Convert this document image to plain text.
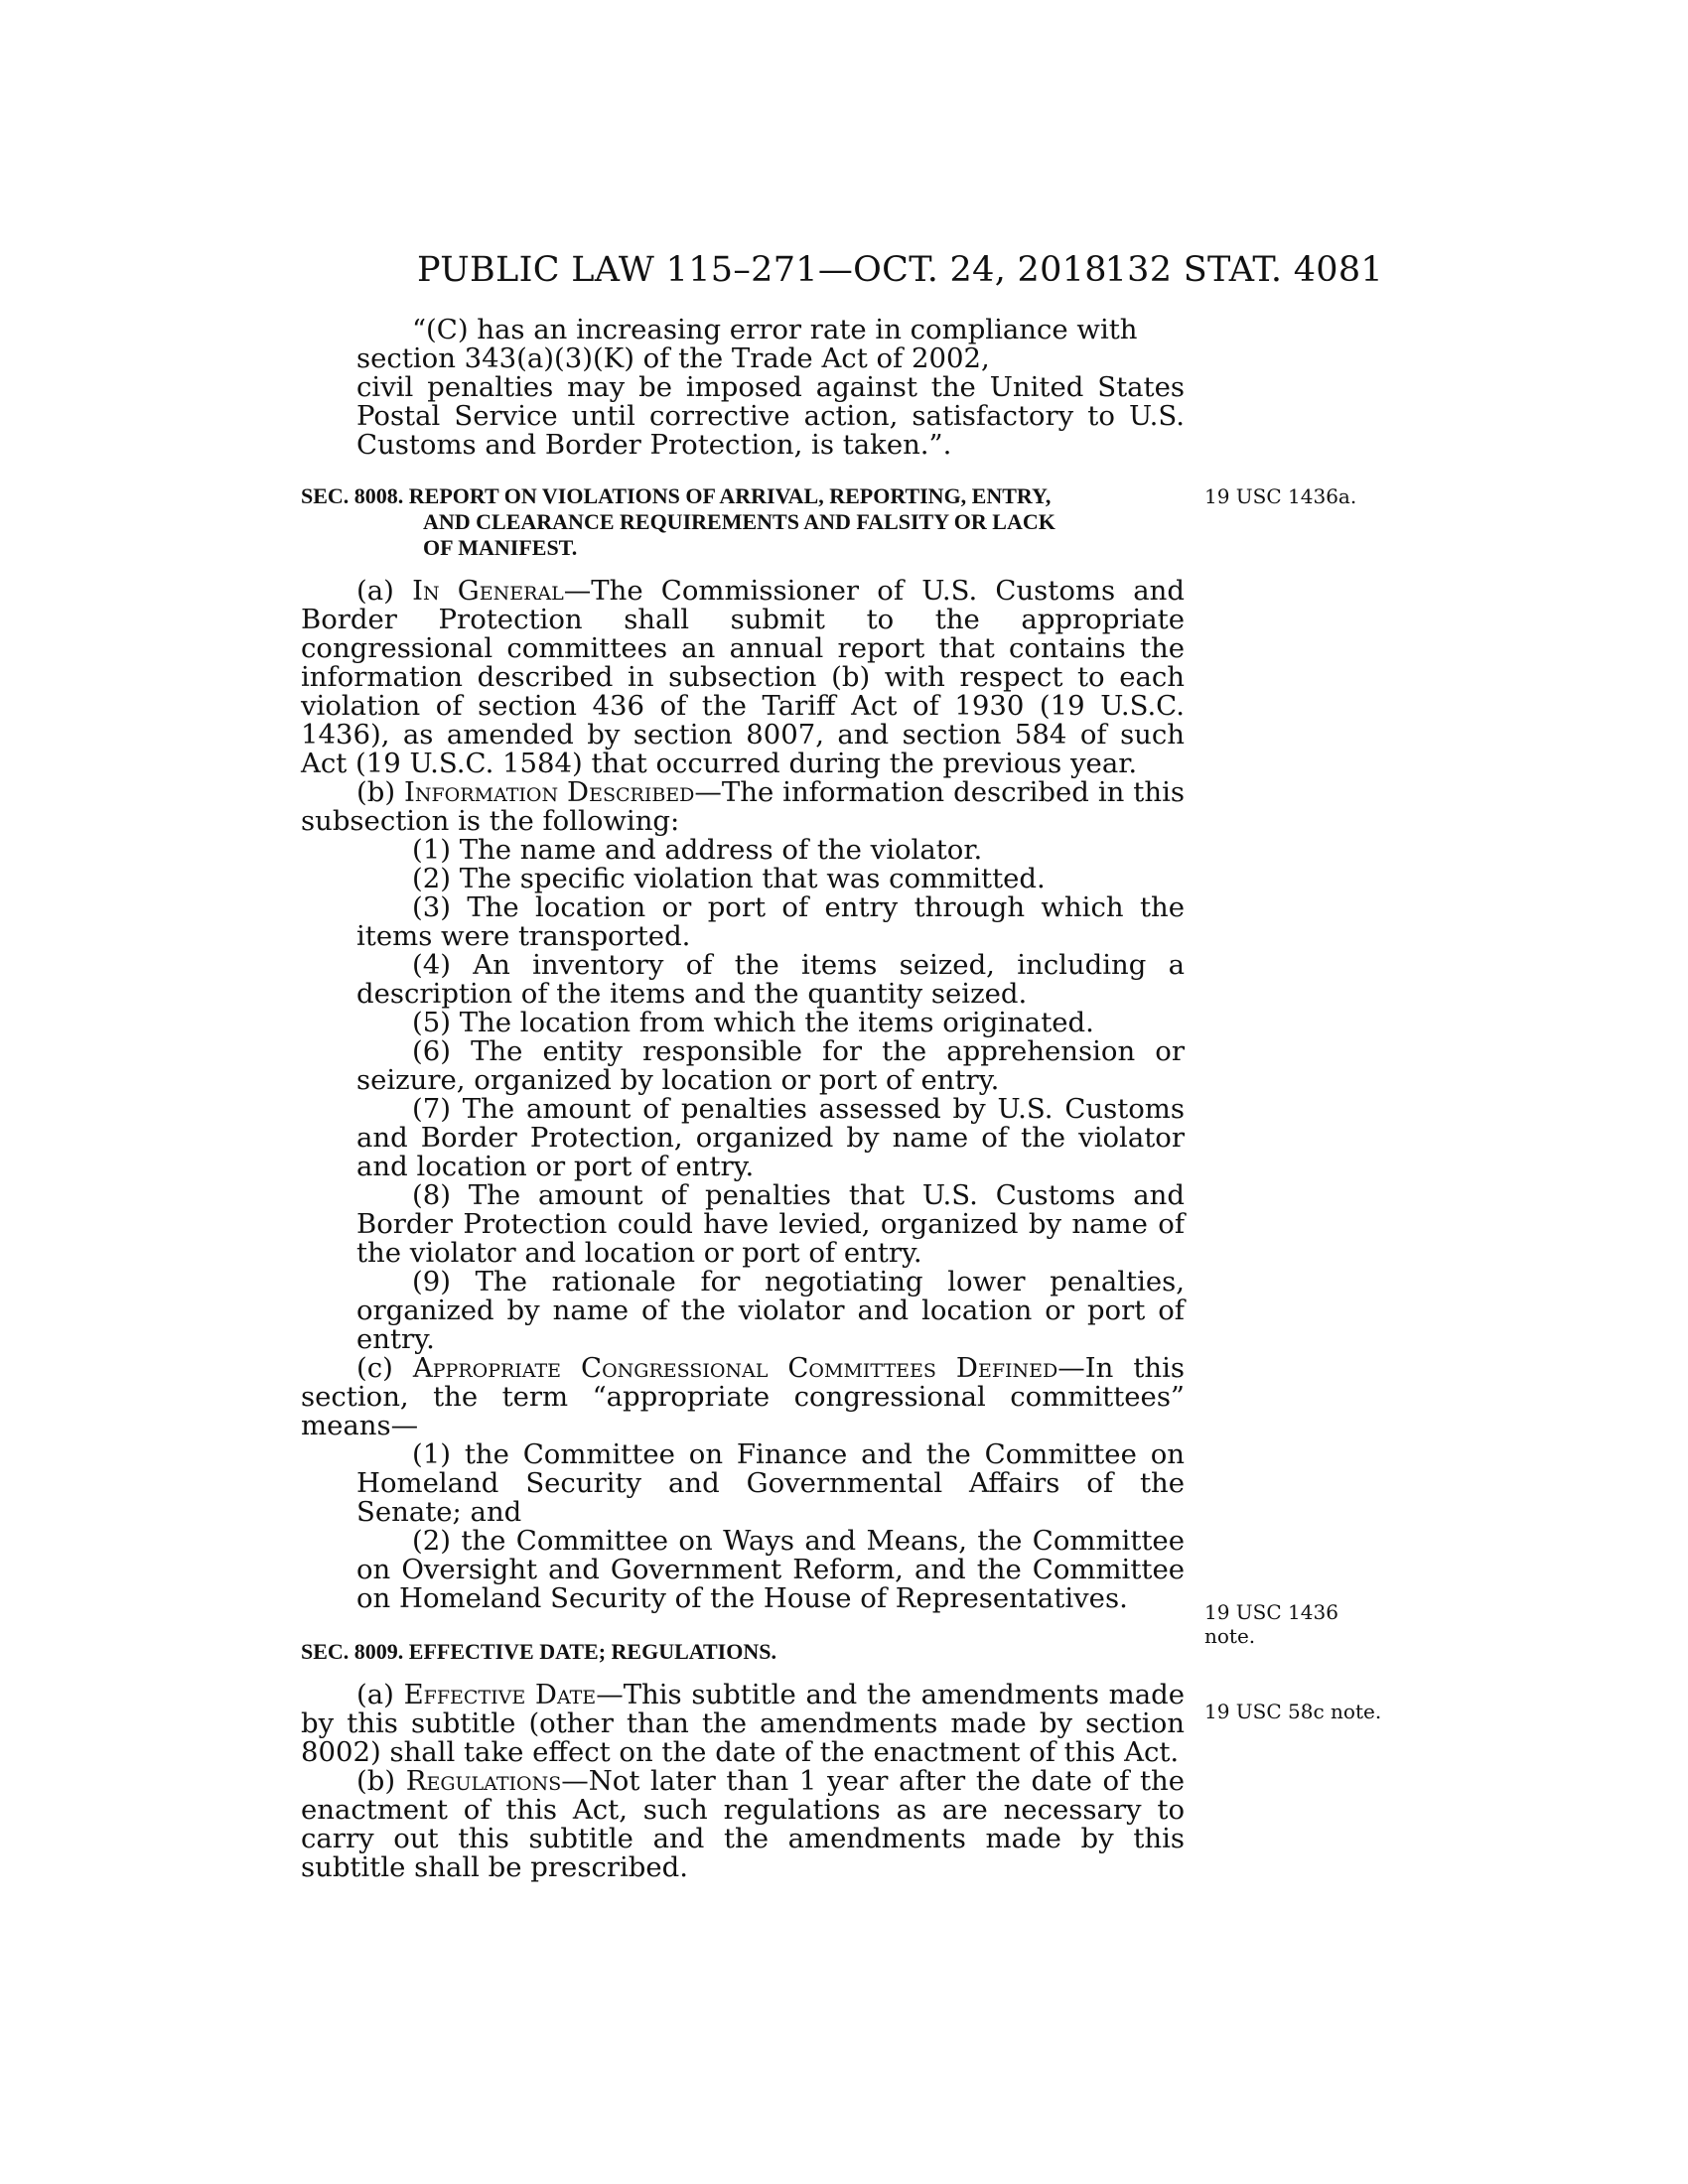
PUBLIC LAW 115–271—OCT. 24, 2018
132 STAT. 4081
19 USC 1436a.
19 USC 1436
note.
19 USC 58c note.

“(C) has an increasing error rate in compliance with

section 343(a)(3)(K) of the Trade Act of 2002,

civil penalties may be imposed against the United States Postal Service until corrective action, satisfactory to U.S. Customs and Border Protection, is taken.”.

SEC. 8008. REPORT ON VIOLATIONS OF ARRIVAL, REPORTING, ENTRY,
AND CLEARANCE REQUIREMENTS AND FALSITY OR LACK
OF MANIFEST.

(a) In General—The Commissioner of U.S. Customs and Border Protection shall submit to the appropriate congressional committees an annual report that contains the information described in subsection (b) with respect to each violation of section 436 of the Tariff Act of 1930 (19 U.S.C. 1436), as amended by section 8007, and section 584 of such Act (19 U.S.C. 1584) that occurred during the previous year.

(b) Information Described—The information described in this subsection is the following:

(1) The name and address of the violator.

(2) The specific violation that was committed.

(3) The location or port of entry through which the items were transported.

(4) An inventory of the items seized, including a description of the items and the quantity seized.

(5) The location from which the items originated.

(6) The entity responsible for the apprehension or seizure, organized by location or port of entry.

(7) The amount of penalties assessed by U.S. Customs and Border Protection, organized by name of the violator and location or port of entry.

(8) The amount of penalties that U.S. Customs and Border Protection could have levied, organized by name of the violator and location or port of entry.

(9) The rationale for negotiating lower penalties, organized by name of the violator and location or port of entry.

(c) Appropriate Congressional Committees Defined—In this section, the term “appropriate congressional committees” means—

(1) the Committee on Finance and the Committee on Homeland Security and Governmental Affairs of the Senate; and

(2) the Committee on Ways and Means, the Committee on Oversight and Government Reform, and the Committee on Homeland Security of the House of Representatives.

SEC. 8009. EFFECTIVE DATE; REGULATIONS.

(a) Effective Date—This subtitle and the amendments made by this subtitle (other than the amendments made by section 8002) shall take effect on the date of the enactment of this Act.

(b) Regulations—Not later than 1 year after the date of the enactment of this Act, such regulations as are necessary to carry out this subtitle and the amendments made by this subtitle shall be prescribed.
